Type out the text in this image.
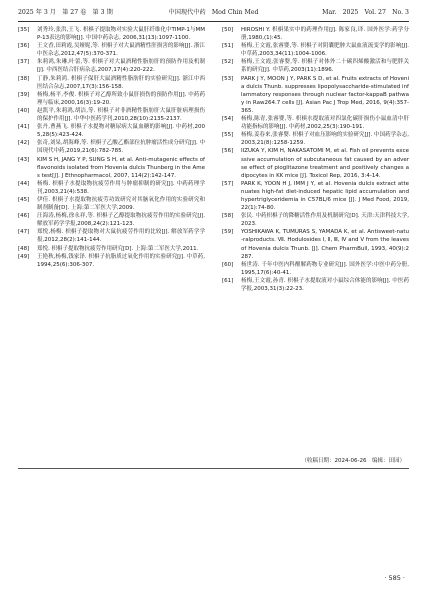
2025 年 3 月　第 27 卷　第 3 期	中国现代中药　Mod Chin Med	Mar.　2025　Vol. 27　No. 3
[35]	刘秀玲,张洪,王飞. 枳椇子提取物对实验大鼠肝纤维化中TIMP-1与MMP-13表达的影响[J]. 中国中药杂志, 2006,31(13):1097-1100.
[36]	王文香,田莉霞,吴娅妮,等. 枳椇子对大鼠酒精性肝损害的影响[J]. 浙江中医杂志,2012,47(5):370-371.
[37]	朱莉鸿,朱琳,叶蕾,等. 枳椇子对大鼠酒精性脂肪肝的预防作用及机制[J]. 中西医结合肝病杂志,2007,17(4):220-222.
[38]	丁静,朱莉鸿. 枳椇子保肝大鼠酒精性脂肪肝的实验研究[J]. 浙江中西医结合杂志,2007,17(3):156-158.
[39]	杨梅,杨平,李俊. 枳椇子对乙醇所致小鼠肝损伤的预防作用[J]. 中药药理与临床,2000,16(3):19-20.
[40]	赵凯平,朱莉鸿,胡洁,等. 枳椇子对非酒精性脂肪肝大鼠肝脏病理损伤的保护作用[J]. 中华中医药学刊,2010,28(10):2135-2137.
[41]	张丹,曹燕飞. 枳椇子水提物对糖尿病大鼠血糖的影响[J]. 中药材,2005,28(5):423-424.
[42]	张奇,刘杲,胡海峰,等. 枳椇子乙酸乙酯部位抗肿瘤活性成分研究[J]. 中国现代中药,2019,21(6):782-785.
[43]	KIM S H, JANG Y P, SUNG S H, et al. Anti-mutagenic effects of flavonoids isolated from Hovenia dulcis Thunberg in the Ames test[J]. J Ethnopharmacol, 2007, 114(2):142-147.
[44]	杨梅. 枳椇子水提取物抗疲劳作用与肿瘤抑制的研究[J]. 中药药理学刊,2003,21(4):538.
[45]	伊佳. 枳椇子水提取物抗疲劳功效研究对其脑氧化作用的实验研究和制剂制备[D]. 上海:第二军医大学,2009.
[46]	汪海涛,杨梅,徐永祥,等. 枳椇子乙醇提取物抗疲劳作用的实验研究[J]. 解放军药学学报,2008,24(2):121-123.
[47]	郑悦,杨梅. 枳椇子提取物对大鼠抗疲劳作用的比较[J]. 解放军药学学报,2012,28(2):141-144.
[48]	郑悦. 枳椇子提取物抗疲劳作用研究[D]. 上海:第二军医大学,2011.
[49]	王艳秋,杨梅,钱家泽. 枳椇子抗脂质过氧化作用的实验研究[J]. 中草药,1994,25(6):306-307.
[50]	HIROSHI Y. 枳椇果实中的药理作用[J]. 陈家良,译. 国外医学:药学分册,1980,(1):45.
[51]	杨梅,王文霞,张睿婴,等. 枳椇子对阴囊肥肿大鼠血液流变学的影响[J]. 中草药,2003,34(11):1004-1006.
[52]	杨梅,王文霞,张睿婴,等. 枳椇子对体外二十碳四烯酸激活和与肥胖关系的研究[J]. 中草药,2003(11):1896.
[53]	PARK J Y, MOON J Y, PARK S D, et al. Fruits extracts of Hovenia dulcis Thunb. suppresses lipopolysaccharide-stimulated inflammatory responses through nuclear factor-kappaB pathway in Raw264.7 cells [J]. Asian Pac J Trop Med, 2016, 9(4):357-365.
[54]	杨梅,陈青,张睿婴,等. 枳椇水提取液对四氯化碳肝损伤小鼠血清中肝功能指标的影响[J]. 中药材,2002,25(3):190-191.
[55]	杨梅,姜春来,张睿婴. 枳椇子对血压影响的实验研究[J]. 中国药学杂志,2003,21(8):1258-1259.
[56]	IIZUKA Y, KIM H, NAKASATOMI M, et al. Fish oil prevents excessive accumulation of subcutaneous fat caused by an adverse effect of pioglitazone treatment and positively changes adipocytes in KK mice [J]. Toxicol Rep, 2016, 3:4-14.
[57]	PARK K, YOON H J, IMM J Y, et al. Hovenia dulcis extract attenuates high-fat diet-induced hepatic lipid accumulation and hypertriglyceridemia in C57BL/6 mice [J]. J Med Food, 2019, 22(1):74-80.
[58]	张民. 中药枳椇子的降糖活性作用及机制研究[D]. 天津:天津科技大学,2023.
[59]	YOSHIKAWA K, TUMURAS S, YAMADA K, et al. Antisweet-natu-ralproducts. Ⅶ. Hodulosides Ⅰ, Ⅱ, Ⅲ, Ⅳ and Ⅴ from the leaves of Hovenia dulcis Thunb. [J]. Chem PharmBull, 1993, 40(9):2287.
[60]	杨世涛. 千年中医内科醒解药物专业研究[J]. 国外医学:中医中药分册,1995,17(6):40-41.
[61]	杨梅,王文霞,孙青. 枳椇子水提取液对小鼠综合体能的影响[J]. 中医药学报,2003,31(3):22-23.
（收稿日期：2024-06-26　编辑：田园）
· 585 ·
